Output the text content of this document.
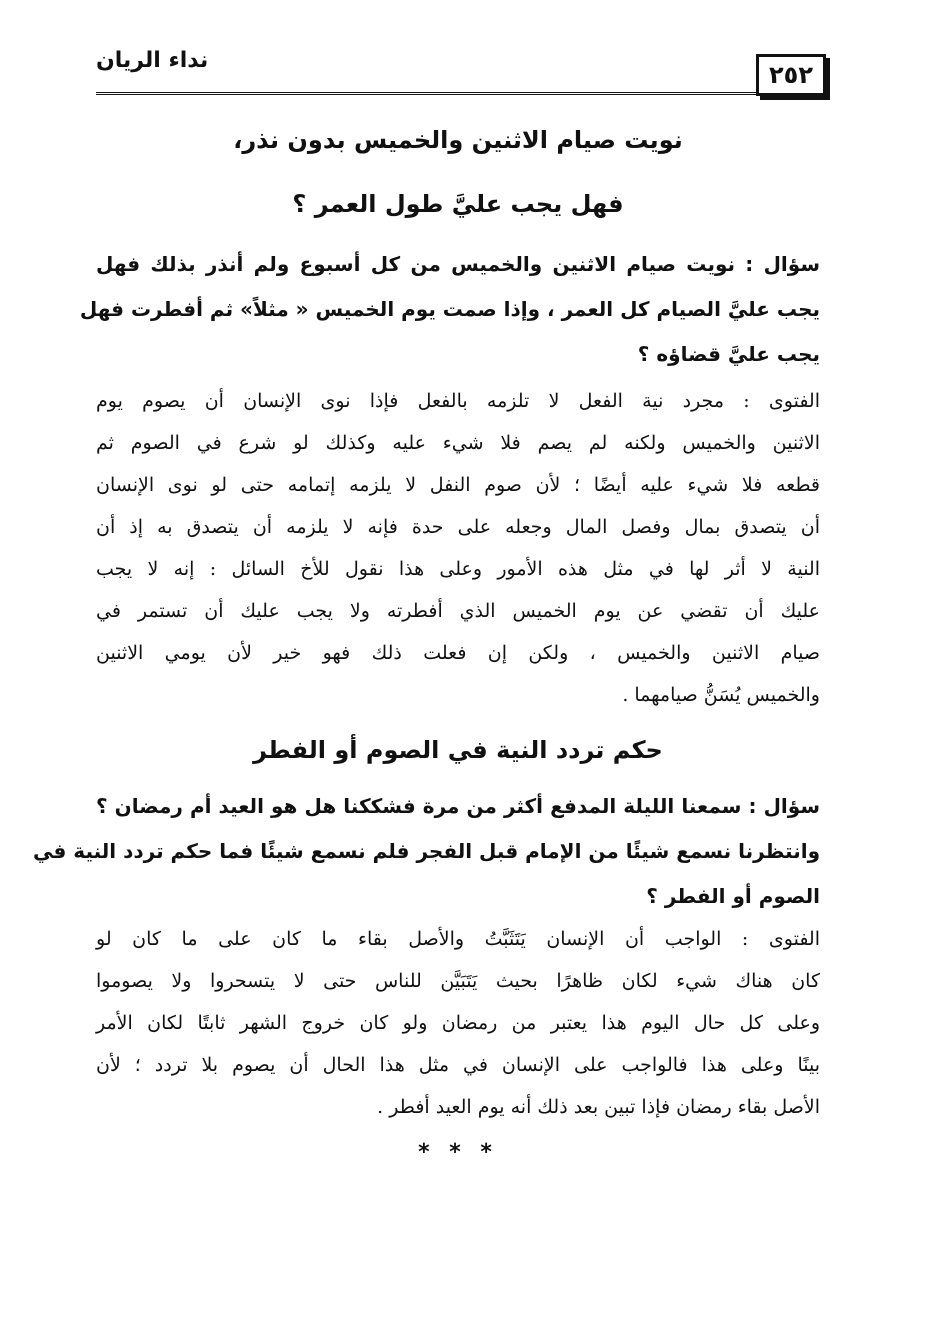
٢٥٢
نداء الريان
نويت صيام الاثنين والخميس بدون نذر،
فهل يجب عليَّ طول العمر ؟
سؤال : نويت صيام الاثنين والخميس من كل أسبوع ولم أنذر بذلك فهل
يجب عليَّ الصيام كل العمر ، وإذا صمت يوم الخميس « مثلاً» ثم أفطرت فهل
يجب عليَّ قضاؤه ؟
الفتوى : مجرد نية الفعل لا تلزمه بالفعل فإذا نوى الإنسان أن يصوم يوم
الاثنين والخميس ولكنه لم يصم فلا شيء عليه وكذلك لو شرع في الصوم ثم
قطعه فلا شيء عليه أيضًا ؛ لأن صوم النفل لا يلزمه إتمامه حتى لو نوى الإنسان
أن يتصدق بمال وفصل المال وجعله على حدة فإنه لا يلزمه أن يتصدق به إذ أن
النية لا أثر لها في مثل هذه الأمور وعلى هذا نقول للأخ السائل : إنه لا يجب
عليك أن تقضي عن يوم الخميس الذي أفطرته ولا يجب عليك أن تستمر في
صيام الاثنين والخميس ، ولكن إن فعلت ذلك فهو خير لأن يومي الاثنين
والخميس يُسَنُّ صيامهما .
حكم تردد النية في الصوم أو الفطر
سؤال : سمعنا الليلة المدفع أكثر من مرة فشككنا هل هو العيد أم رمضان ؟
وانتظرنا نسمع شيئًا من الإمام قبل الفجر فلم نسمع شيئًا فما حكم تردد النية في
الصوم أو الفطر ؟
الفتوى : الواجب أن الإنسان يَتَثَبَّتُ والأصل بقاء ما كان على ما كان لو
كان هناك شيء لكان ظاهرًا بحيث يَتَبَيَّن للناس حتى لا يتسحروا ولا يصوموا
وعلى كل حال اليوم هذا يعتبر من رمضان ولو كان خروج الشهر ثابتًا لكان الأمر
بينًا وعلى هذا فالواجب على الإنسان في مثل هذا الحال أن يصوم بلا تردد ؛ لأن
الأصل بقاء رمضان فإذا تبين بعد ذلك أنه يوم العيد أفطر .
* * *
